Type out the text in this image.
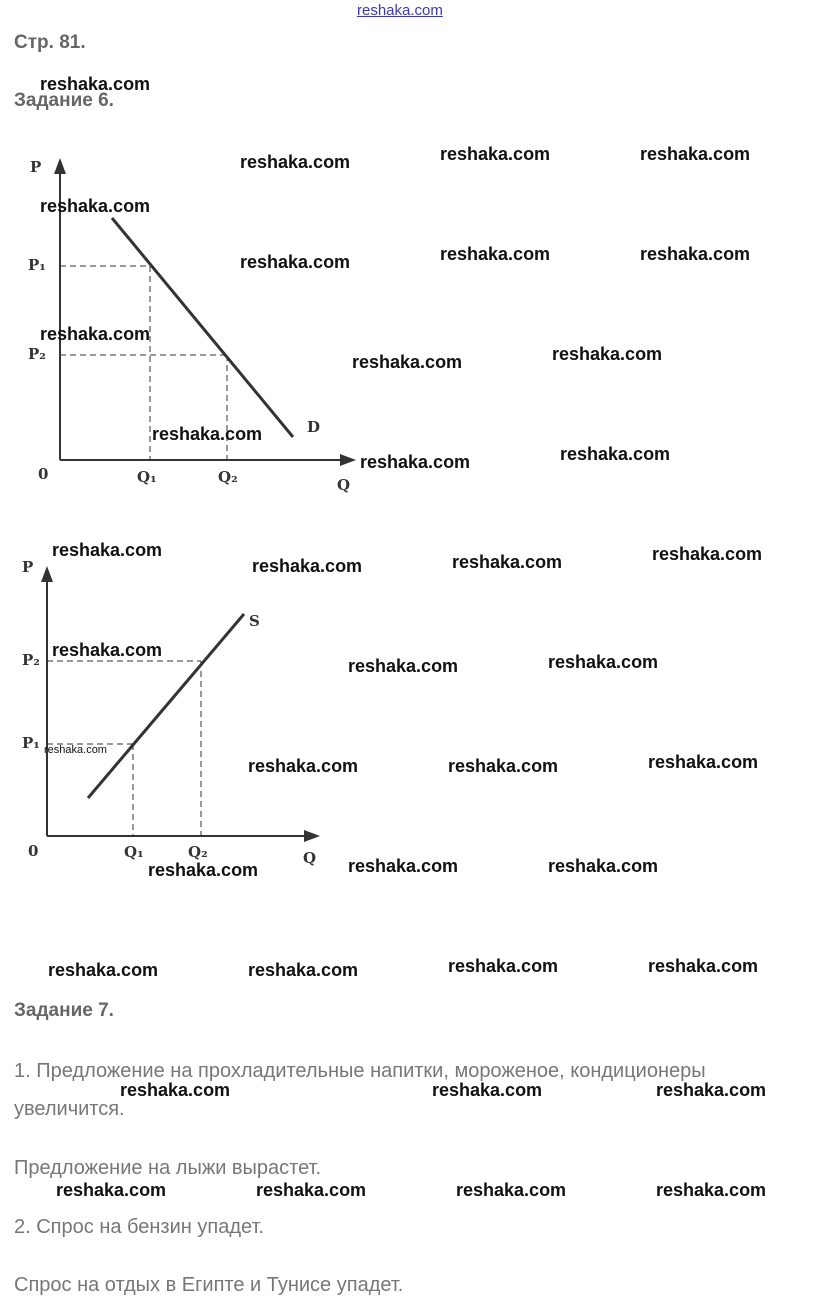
reshaka.com
Стр. 81.
Задание 6.
P
P₁
P₂
0	Q₁	Q₂	Q
D
P
P₂
P₁
0	Q₁	Q₂	Q
S
Задание 7.
1. Предложение на прохладительные напитки, мороженое, кондиционеры
увеличится.
Предложение на лыжи вырастет.
2. Спрос на бензин упадет.
Спрос на отдых в Египте и Тунисе упадет.
reshaka.com
reshaka.com	reshaka.com	reshaka.com
reshaka.com
reshaka.com	reshaka.com	reshaka.com
reshaka.com
reshaka.com	reshaka.com
reshaka.com
reshaka.com	reshaka.com
reshaka.com
reshaka.com	reshaka.com	reshaka.com
reshaka.com
reshaka.com	reshaka.com
reshaka.com
reshaka.com	reshaka.com	reshaka.com
reshaka.com	reshaka.com	reshaka.com
reshaka.com	reshaka.com	reshaka.com	reshaka.com
reshaka.com	reshaka.com	reshaka.com
reshaka.com	reshaka.com	reshaka.com	reshaka.com
